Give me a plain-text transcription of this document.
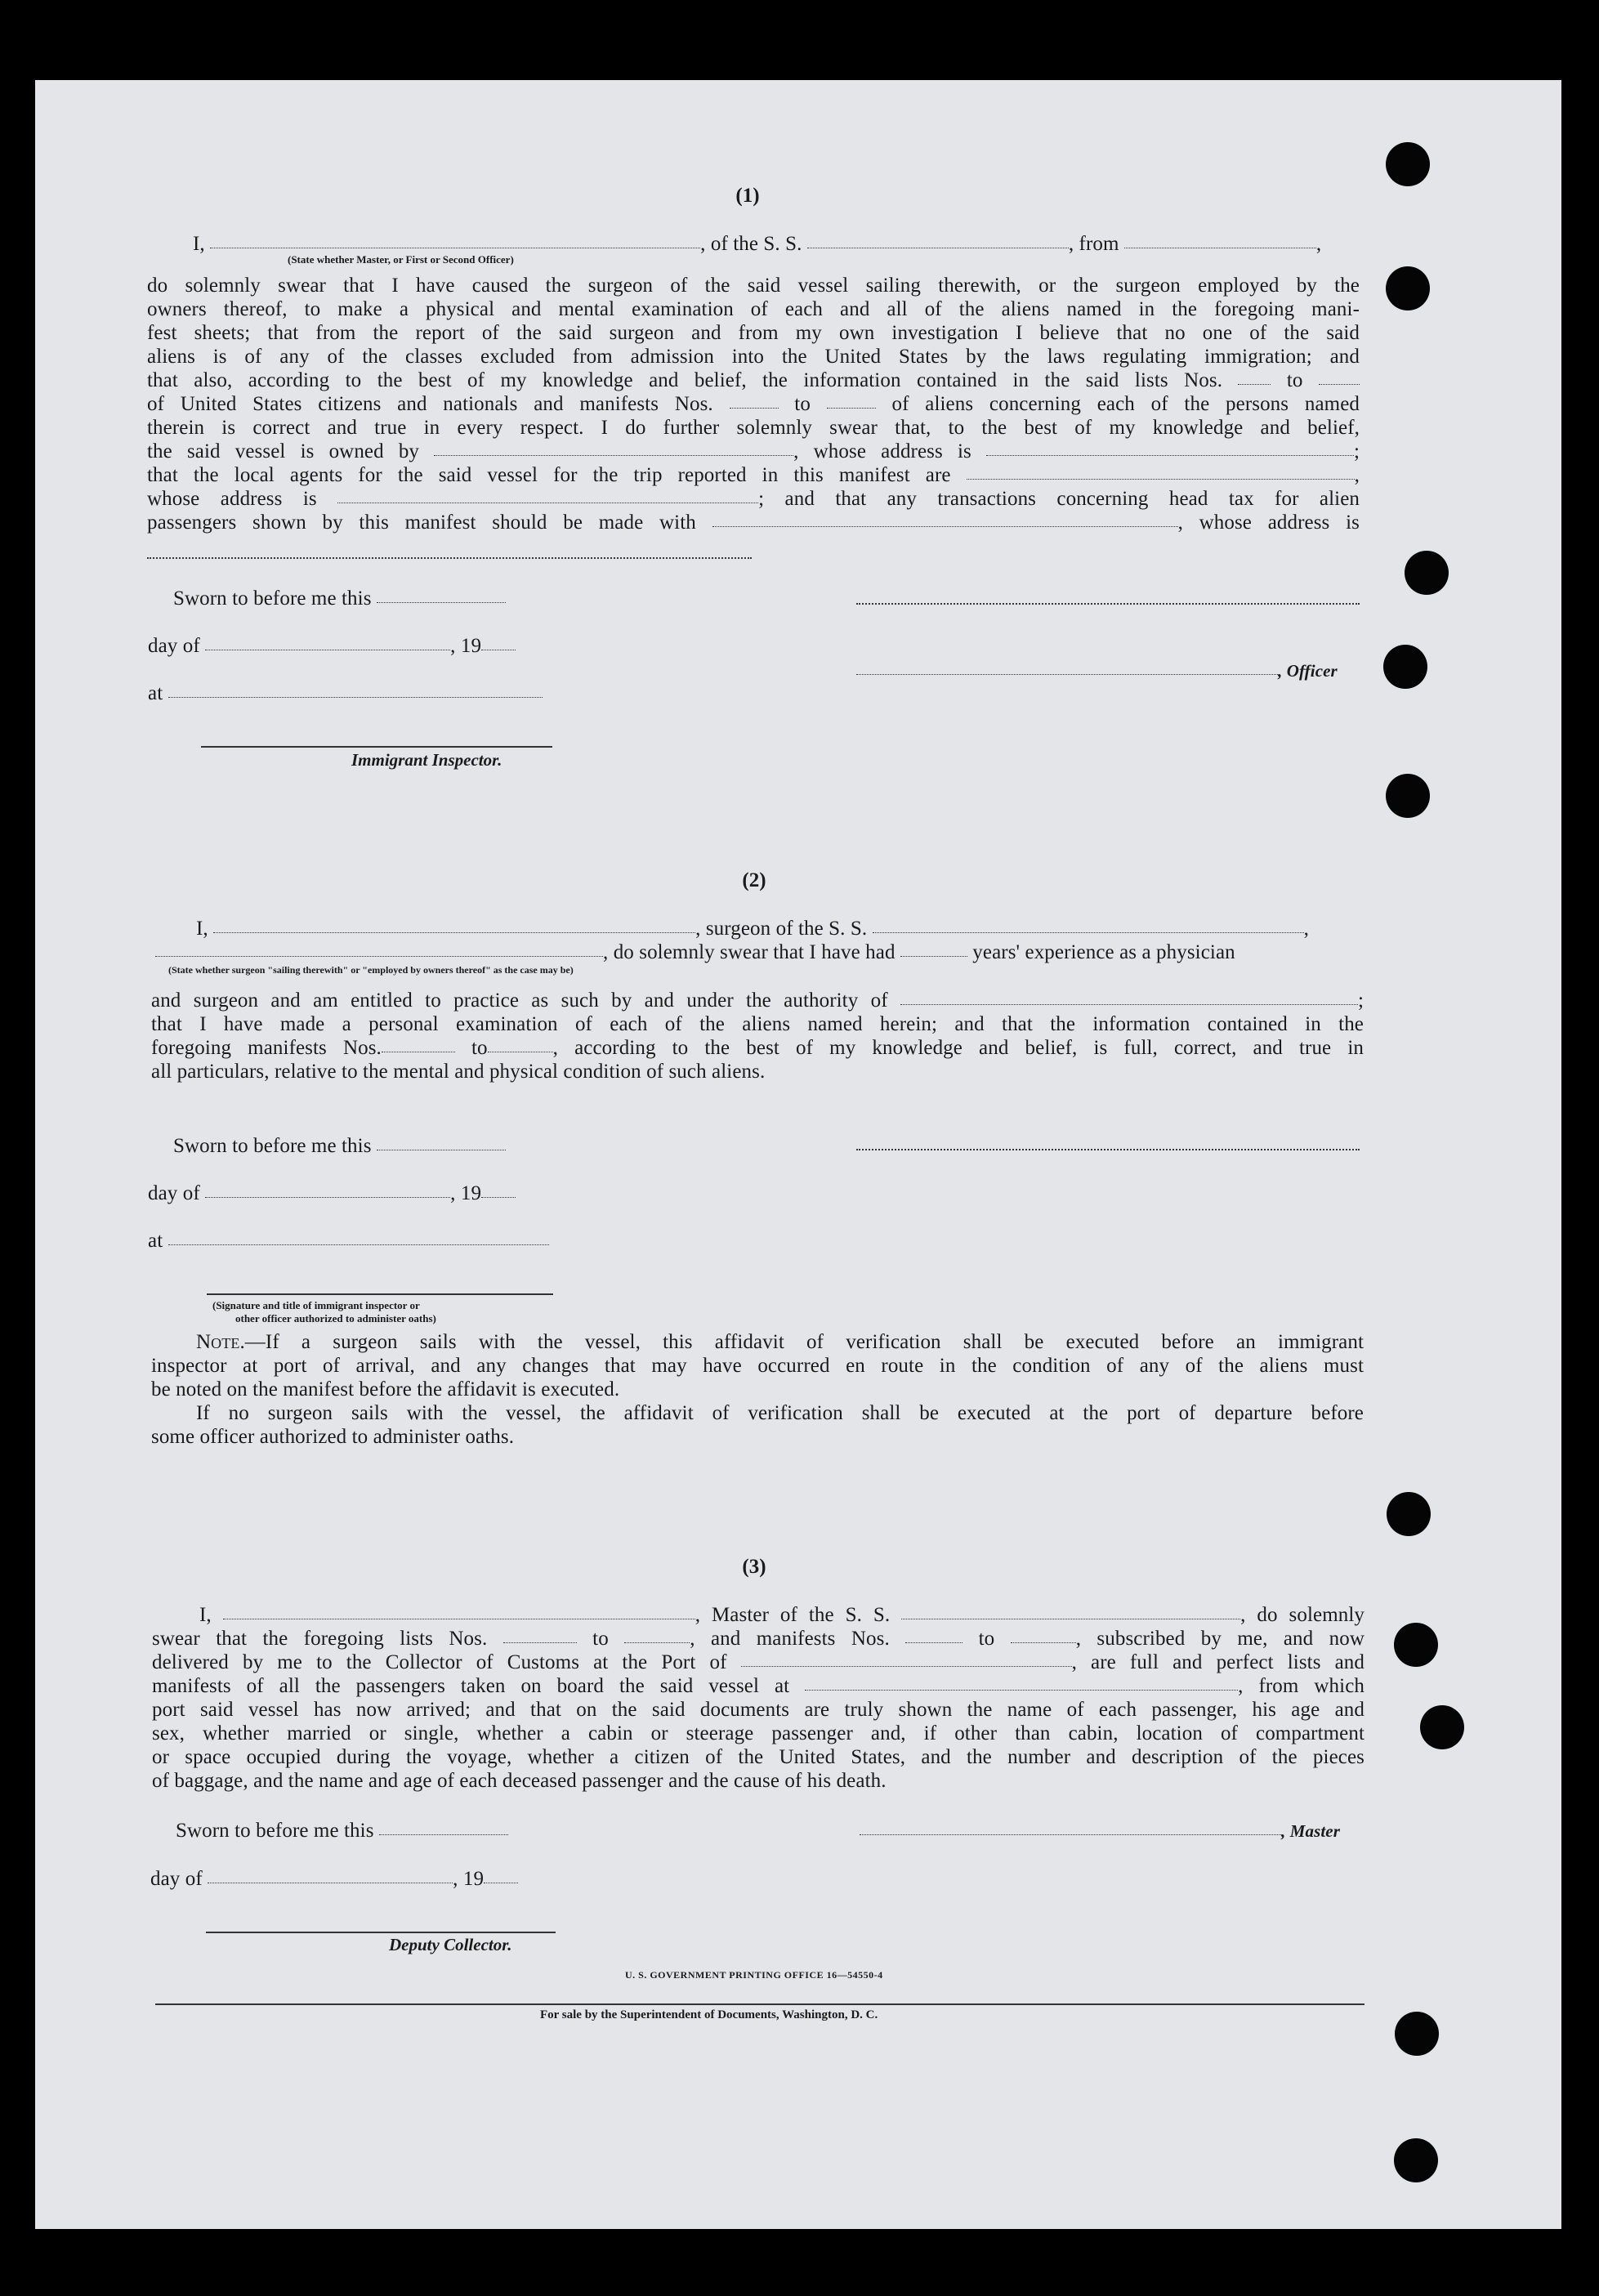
(1)
I,	, of the S. S.	, from	,
(State whether Master, or First or Second Officer)
do solemnly swear that I have caused the surgeon of the said vessel sailing therewith, or the surgeon employed by the
owners thereof, to make a physical and mental examination of each and all of the aliens named in the foregoing mani-
fest sheets; that from the report of the said surgeon and from my own investigation I believe that no one of the said
aliens is of any of the classes excluded from admission into the United States by the laws regulating immigration; and
that also, according to the best of my knowledge and belief, the information contained in the said lists Nos.	to
of United States citizens and nationals and manifests Nos.	to	of aliens concerning each of the persons named
therein is correct and true in every respect. I do further solemnly swear that, to the best of my knowledge and belief,
the said vessel is owned by	, whose address is	;
that the local agents for the said vessel for the trip reported in this manifest are	,
whose address is	; and that any transactions concerning head tax for alien
passengers shown by this manifest should be made with	, whose address is
Sworn to before me this
day of	, 19
, Officer
at
Immigrant Inspector.
(2)
I,	, surgeon of the S. S.	,
, do solemnly swear that I have had	years' experience as a physician
(State whether surgeon "sailing therewith" or "employed by owners thereof" as the case may be)
and surgeon and am entitled to practice as such by and under the authority of	;
that I have made a personal examination of each of the aliens named herein; and that the information contained in the
foregoing manifests Nos.	to	, according to the best of my knowledge and belief, is full, correct, and true in
all particulars, relative to the mental and physical condition of such aliens.
Sworn to before me this
day of	, 19
at
(Signature and title of immigrant inspector or
other officer authorized to administer oaths)
Note.—If a surgeon sails with the vessel, this affidavit of verification shall be executed before an immigrant
inspector at port of arrival, and any changes that may have occurred en route in the condition of any of the aliens must
be noted on the manifest before the affidavit is executed.
If no surgeon sails with the vessel, the affidavit of verification shall be executed at the port of departure before
some officer authorized to administer oaths.
(3)
I,	, Master of the S. S.	, do solemnly
swear that the foregoing lists Nos.	to	, and manifests Nos.	to	, subscribed by me, and now
delivered by me to the Collector of Customs at the Port of	, are full and perfect lists and
manifests of all the passengers taken on board the said vessel at	, from which
port said vessel has now arrived; and that on the said documents are truly shown the name of each passenger, his age and
sex, whether married or single, whether a cabin or steerage passenger and, if other than cabin, location of compartment
or space occupied during the voyage, whether a citizen of the United States, and the number and description of the pieces
of baggage, and the name and age of each deceased passenger and the cause of his death.
Sworn to before me this	, Master
day of	, 19
Deputy Collector.
U. S. GOVERNMENT PRINTING OFFICE 16—54550-4
For sale by the Superintendent of Documents, Washington, D. C.
